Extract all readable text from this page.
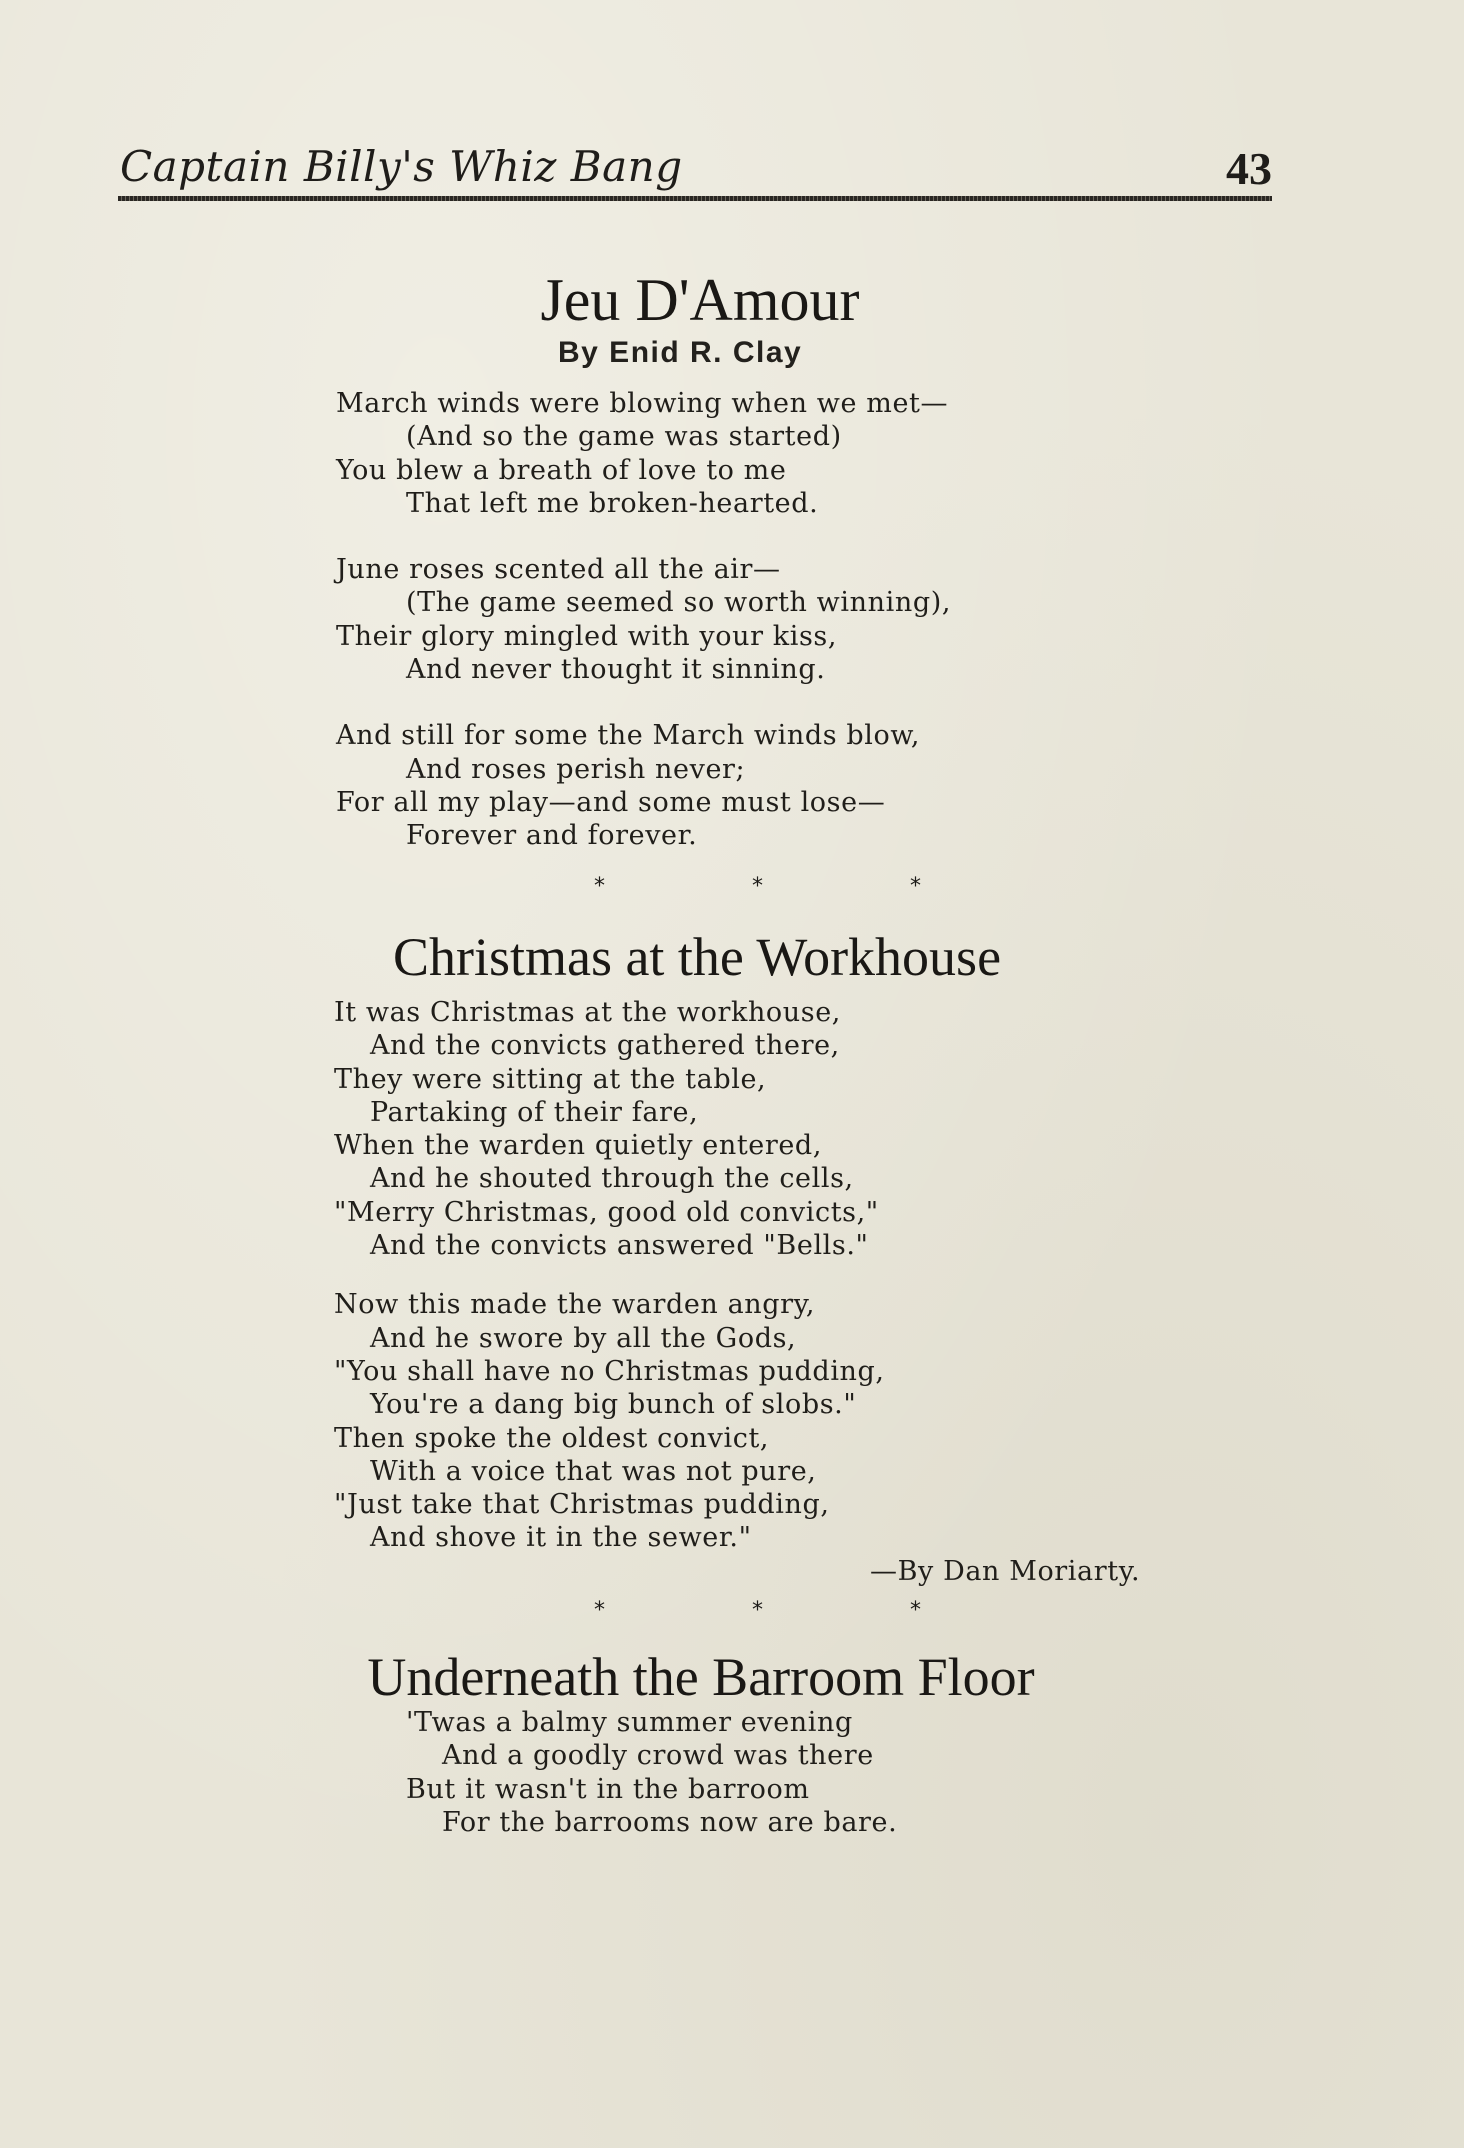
Captain Billy's Whiz Bang	43
Jeu D'Amour
By Enid R. Clay
March winds were blowing when we met—
(And so the game was started)
You blew a breath of love to me
That left me broken-hearted.
June roses scented all the air—
(The game seemed so worth winning),
Their glory mingled with your kiss,
And never thought it sinning.
And still for some the March winds blow,
And roses perish never;
For all my play—and some must lose—
Forever and forever.
* * *
Christmas at the Workhouse
It was Christmas at the workhouse,
And the convicts gathered there,
They were sitting at the table,
Partaking of their fare,
When the warden quietly entered,
And he shouted through the cells,
"Merry Christmas, good old convicts,"
And the convicts answered "Bells."
Now this made the warden angry,
And he swore by all the Gods,
"You shall have no Christmas pudding,
You're a dang big bunch of slobs."
Then spoke the oldest convict,
With a voice that was not pure,
"Just take that Christmas pudding,
And shove it in the sewer."
—By Dan Moriarty.
* * *
Underneath the Barroom Floor
'Twas a balmy summer evening
And a goodly crowd was there
But it wasn't in the barroom
For the barrooms now are bare.
